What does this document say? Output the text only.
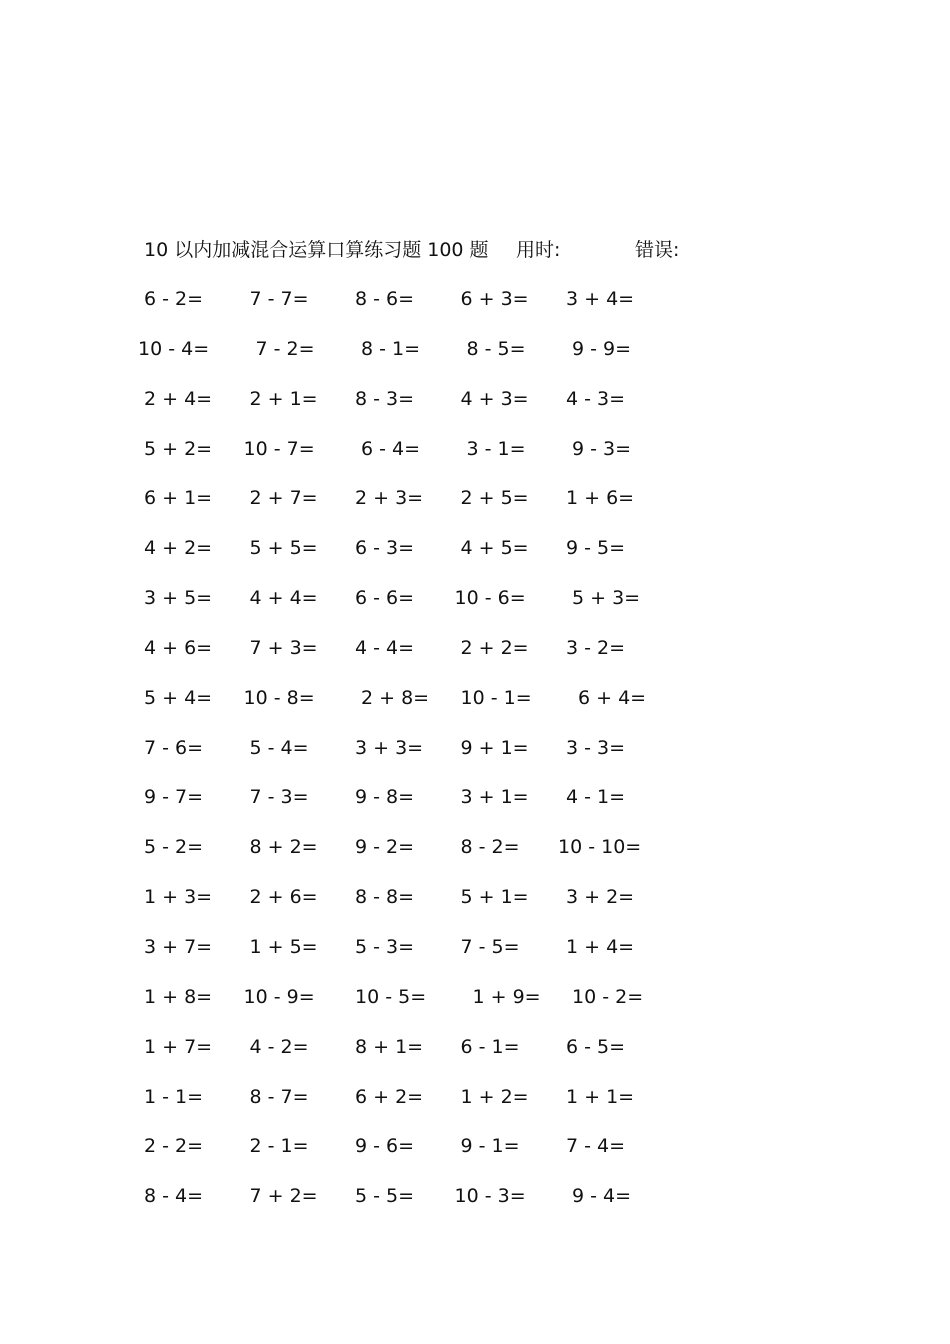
10 以内加减混合运算口算练习题 100 题 用时:	错误:
6 - 2=	7 - 7=	8 - 6=	6 + 3=	3 + 4=
10 - 4=	7 - 2=	8 - 1=	8 - 5=	9 - 9=
2 + 4=	2 + 1=	8 - 3=	4 + 3=	4 - 3=
5 + 2=	10 - 7=	6 - 4=	3 - 1=	9 - 3=
6 + 1=	2 + 7=	2 + 3=	2 + 5=	1 + 6=
4 + 2=	5 + 5=	6 - 3=	4 + 5=	9 - 5=
3 + 5=	4 + 4=	6 - 6=	10 - 6=	5 + 3=
4 + 6=	7 + 3=	4 - 4=	2 + 2=	3 - 2=
5 + 4=	10 - 8=	2 + 8=	10 - 1=	6 + 4=
7 - 6=	5 - 4=	3 + 3=	9 + 1=	3 - 3=
9 - 7=	7 - 3=	9 - 8=	3 + 1=	4 - 1=
5 - 2=	8 + 2=	9 - 2=	8 - 2=	10 - 10=
1 + 3=	2 + 6=	8 - 8=	5 + 1=	3 + 2=
3 + 7=	1 + 5=	5 - 3=	7 - 5=	1 + 4=
1 + 8=	10 - 9=	10 - 5=	1 + 9=	10 - 2=
1 + 7=	4 - 2=	8 + 1=	6 - 1=	6 - 5=
1 - 1=	8 - 7=	6 + 2=	1 + 2=	1 + 1=
2 - 2=	2 - 1=	9 - 6=	9 - 1=	7 - 4=
8 - 4=	7 + 2=	5 - 5=	10 - 3=	9 - 4=
